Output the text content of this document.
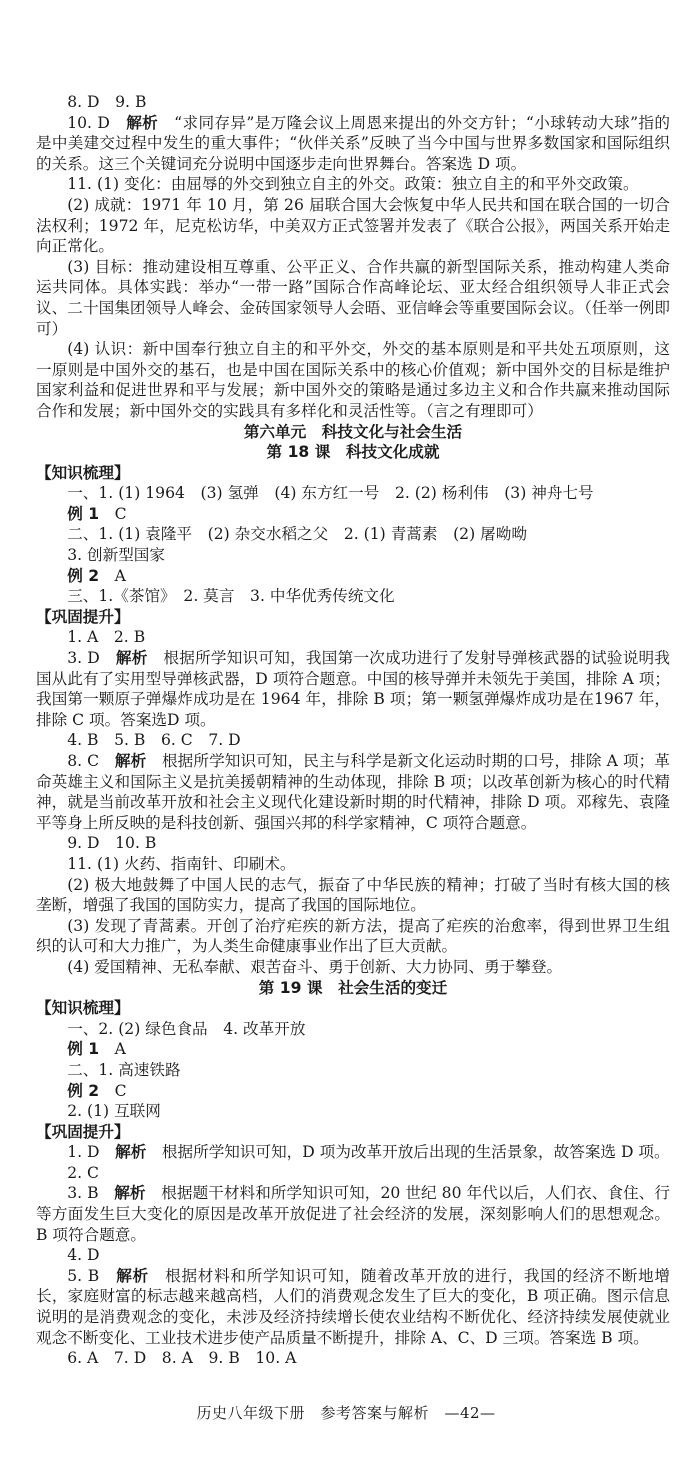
8. D　9. B

10. D　解析　“求同存异”是万隆会议上周恩来提出的外交方针；“小球转动大球”指的是中美建交过程中发生的重大事件；“伙伴关系”反映了当今中国与世界多数国家和国际组织的关系。这三个关键词充分说明中国逐步走向世界舞台。答案选 D 项。

11. (1) 变化：由屈辱的外交到独立自主的外交。政策：独立自主的和平外交政策。

(2) 成就：1971 年 10 月，第 26 届联合国大会恢复中华人民共和国在联合国的一切合法权利；1972 年，尼克松访华，中美双方正式签署并发表了《联合公报》，两国关系开始走向正常化。

(3) 目标：推动建设相互尊重、公平正义、合作共赢的新型国际关系，推动构建人类命运共同体。具体实践：举办“一带一路”国际合作高峰论坛、亚太经合组织领导人非正式会议、二十国集团领导人峰会、金砖国家领导人会晤、亚信峰会等重要国际会议。（任举一例即可）

(4) 认识：新中国奉行独立自主的和平外交，外交的基本原则是和平共处五项原则，这一原则是中国外交的基石，也是中国在国际关系中的核心价值观；新中国外交的目标是维护国家利益和促进世界和平与发展；新中国外交的策略是通过多边主义和合作共赢来推动国际合作和发展；新中国外交的实践具有多样化和灵活性等。（言之有理即可）

第六单元　科技文化与社会生活

第 18 课　科技文化成就

【知识梳理】

一、1. (1) 1964　(3) 氢弹　(4) 东方红一号　2. (2) 杨利伟　(3) 神舟七号

例 1　C

二、1. (1) 袁隆平　(2) 杂交水稻之父　2. (1) 青蒿素　(2) 屠呦呦

3. 创新型国家

例 2　A

三、1.《茶馆》　2. 莫言　3. 中华优秀传统文化

【巩固提升】

1. A　2. B

3. D　解析　根据所学知识可知，我国第一次成功进行了发射导弹核武器的试验说明我国从此有了实用型导弹核武器，D 项符合题意。中国的核导弹并未领先于美国，排除 A 项；我国第一颗原子弹爆炸成功是在 1964 年，排除 B 项；第一颗氢弹爆炸成功是在1967 年，排除 C 项。答案选D 项。

4. B　5. B　6. C　7. D

8. C　解析　根据所学知识可知，民主与科学是新文化运动时期的口号，排除 A 项；革命英雄主义和国际主义是抗美援朝精神的生动体现，排除 B 项；以改革创新为核心的时代精神，就是当前改革开放和社会主义现代化建设新时期的时代精神，排除 D 项。邓稼先、袁隆平等身上所反映的是科技创新、强国兴邦的科学家精神，C 项符合题意。

9. D　10. B

11. (1) 火药、指南针、印刷术。

(2) 极大地鼓舞了中国人民的志气，振奋了中华民族的精神；打破了当时有核大国的核垄断，增强了我国的国防实力，提高了我国的国际地位。

(3) 发现了青蒿素。开创了治疗疟疾的新方法，提高了疟疾的治愈率，得到世界卫生组织的认可和大力推广，为人类生命健康事业作出了巨大贡献。

(4) 爱国精神、无私奉献、艰苦奋斗、勇于创新、大力协同、勇于攀登。

第 19 课　社会生活的变迁

【知识梳理】

一、2. (2) 绿色食品　4. 改革开放

例 1　A

二、1. 高速铁路

例 2　C

2. (1) 互联网

【巩固提升】

1. D　解析　根据所学知识可知，D 项为改革开放后出现的生活景象，故答案选 D 项。

2. C

3. B　解析　根据题干材料和所学知识可知，20 世纪 80 年代以后，人们衣、食住、行等方面发生巨大变化的原因是改革开放促进了社会经济的发展，深刻影响人们的思想观念。B 项符合题意。

4. D

5. B　解析　根据材料和所学知识可知，随着改革开放的进行，我国的经济不断地增长，家庭财富的标志越来越高档，人们的消费观念发生了巨大的变化，B 项正确。图示信息说明的是消费观念的变化，未涉及经济持续增长使农业结构不断优化、经济持续发展使就业观念不断变化、工业技术进步使产品质量不断提升，排除 A、C、D 三项。答案选 B 项。

6. A　7. D　8. A　9. B　10. A

历史八年级下册　参考答案与解析　—42—
